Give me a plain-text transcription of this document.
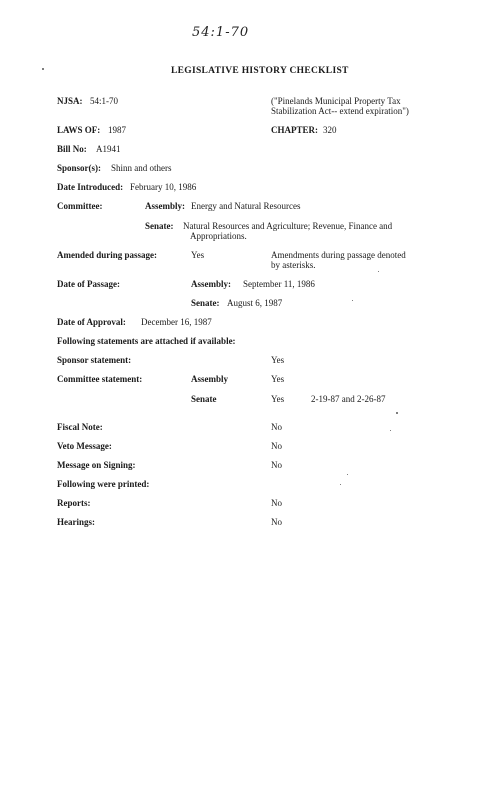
54:1-70
LEGISLATIVE HISTORY CHECKLIST
NJSA: 54:1-70	("Pinelands Municipal Property Tax
Stabilization Act-- extend expiration")
LAWS OF: 1987	CHAPTER: 320
Bill No: A1941
Sponsor(s): Shinn and others
Date Introduced: February 10, 1986
Committee:	Assembly: Energy and Natural Resources
Senate: Natural Resources and Agriculture; Revenue, Finance and
Appropriations.
Amended during passage:	Yes	Amendments during passage denoted
by asterisks.
Date of Passage:	Assembly: September 11, 1986
Senate: August 6, 1987
Date of Approval: December 16, 1987
Following statements are attached if available:
Sponsor statement:	Yes
Committee statement:	Assembly	Yes
Senate	Yes	2-19-87 and 2-26-87
Fiscal Note:	No
Veto Message:	No
Message on Signing:	No
Following were printed:
Reports:	No
Hearings:	No
